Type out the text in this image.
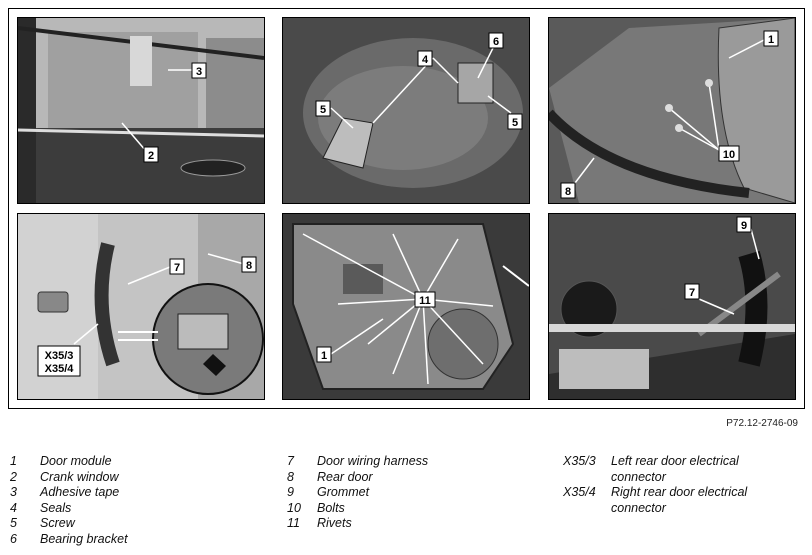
3
2
4
6
5
5
1
10
8
7	8
X35/3
X35/4
11
1
9
7
P72.12-2746-09
1	Door module
2	Crank window
3	Adhesive tape
4	Seals
5	Screw
6	Bearing bracket
7	Door wiring harness
8	Rear door
9	Grommet
10	Bolts
11	Rivets
X35/3	Left rear door electrical connector
X35/4	Right rear door electrical connector
